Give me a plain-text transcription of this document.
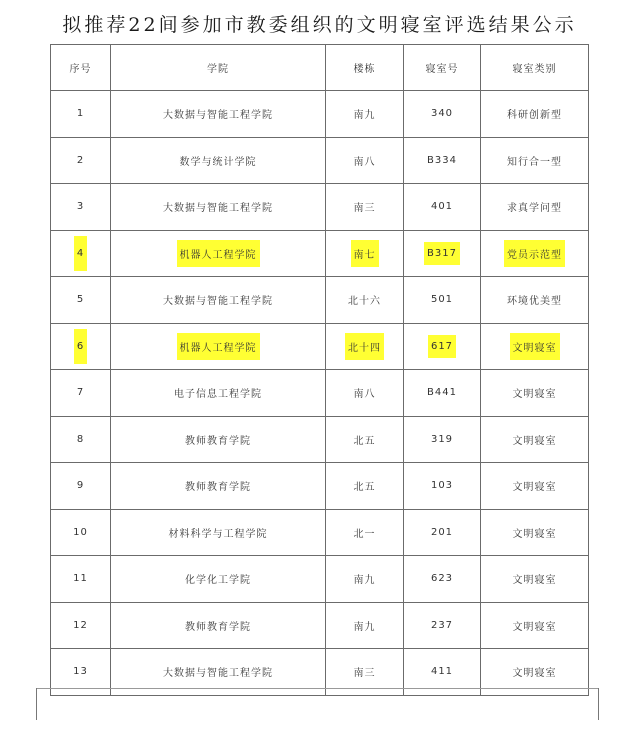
拟推荐22间参加市教委组织的文明寝室评选结果公示
序号	学院	楼栋	寝室号	寝室类别
1	大数据与智能工程学院	南九	340	科研创新型
2	数学与统计学院	南八	B334	知行合一型
3	大数据与智能工程学院	南三	401	求真学问型
4	机器人工程学院	南七	B317	党员示范型
5	大数据与智能工程学院	北十六	501	环境优美型
6	机器人工程学院	北十四	617	文明寝室
7	电子信息工程学院	南八	B441	文明寝室
8	教师教育学院	北五	319	文明寝室
9	教师教育学院	北五	103	文明寝室
10	材料科学与工程学院	北一	201	文明寝室
11	化学化工学院	南九	623	文明寝室
12	教师教育学院	南九	237	文明寝室
13	大数据与智能工程学院	南三	411	文明寝室
